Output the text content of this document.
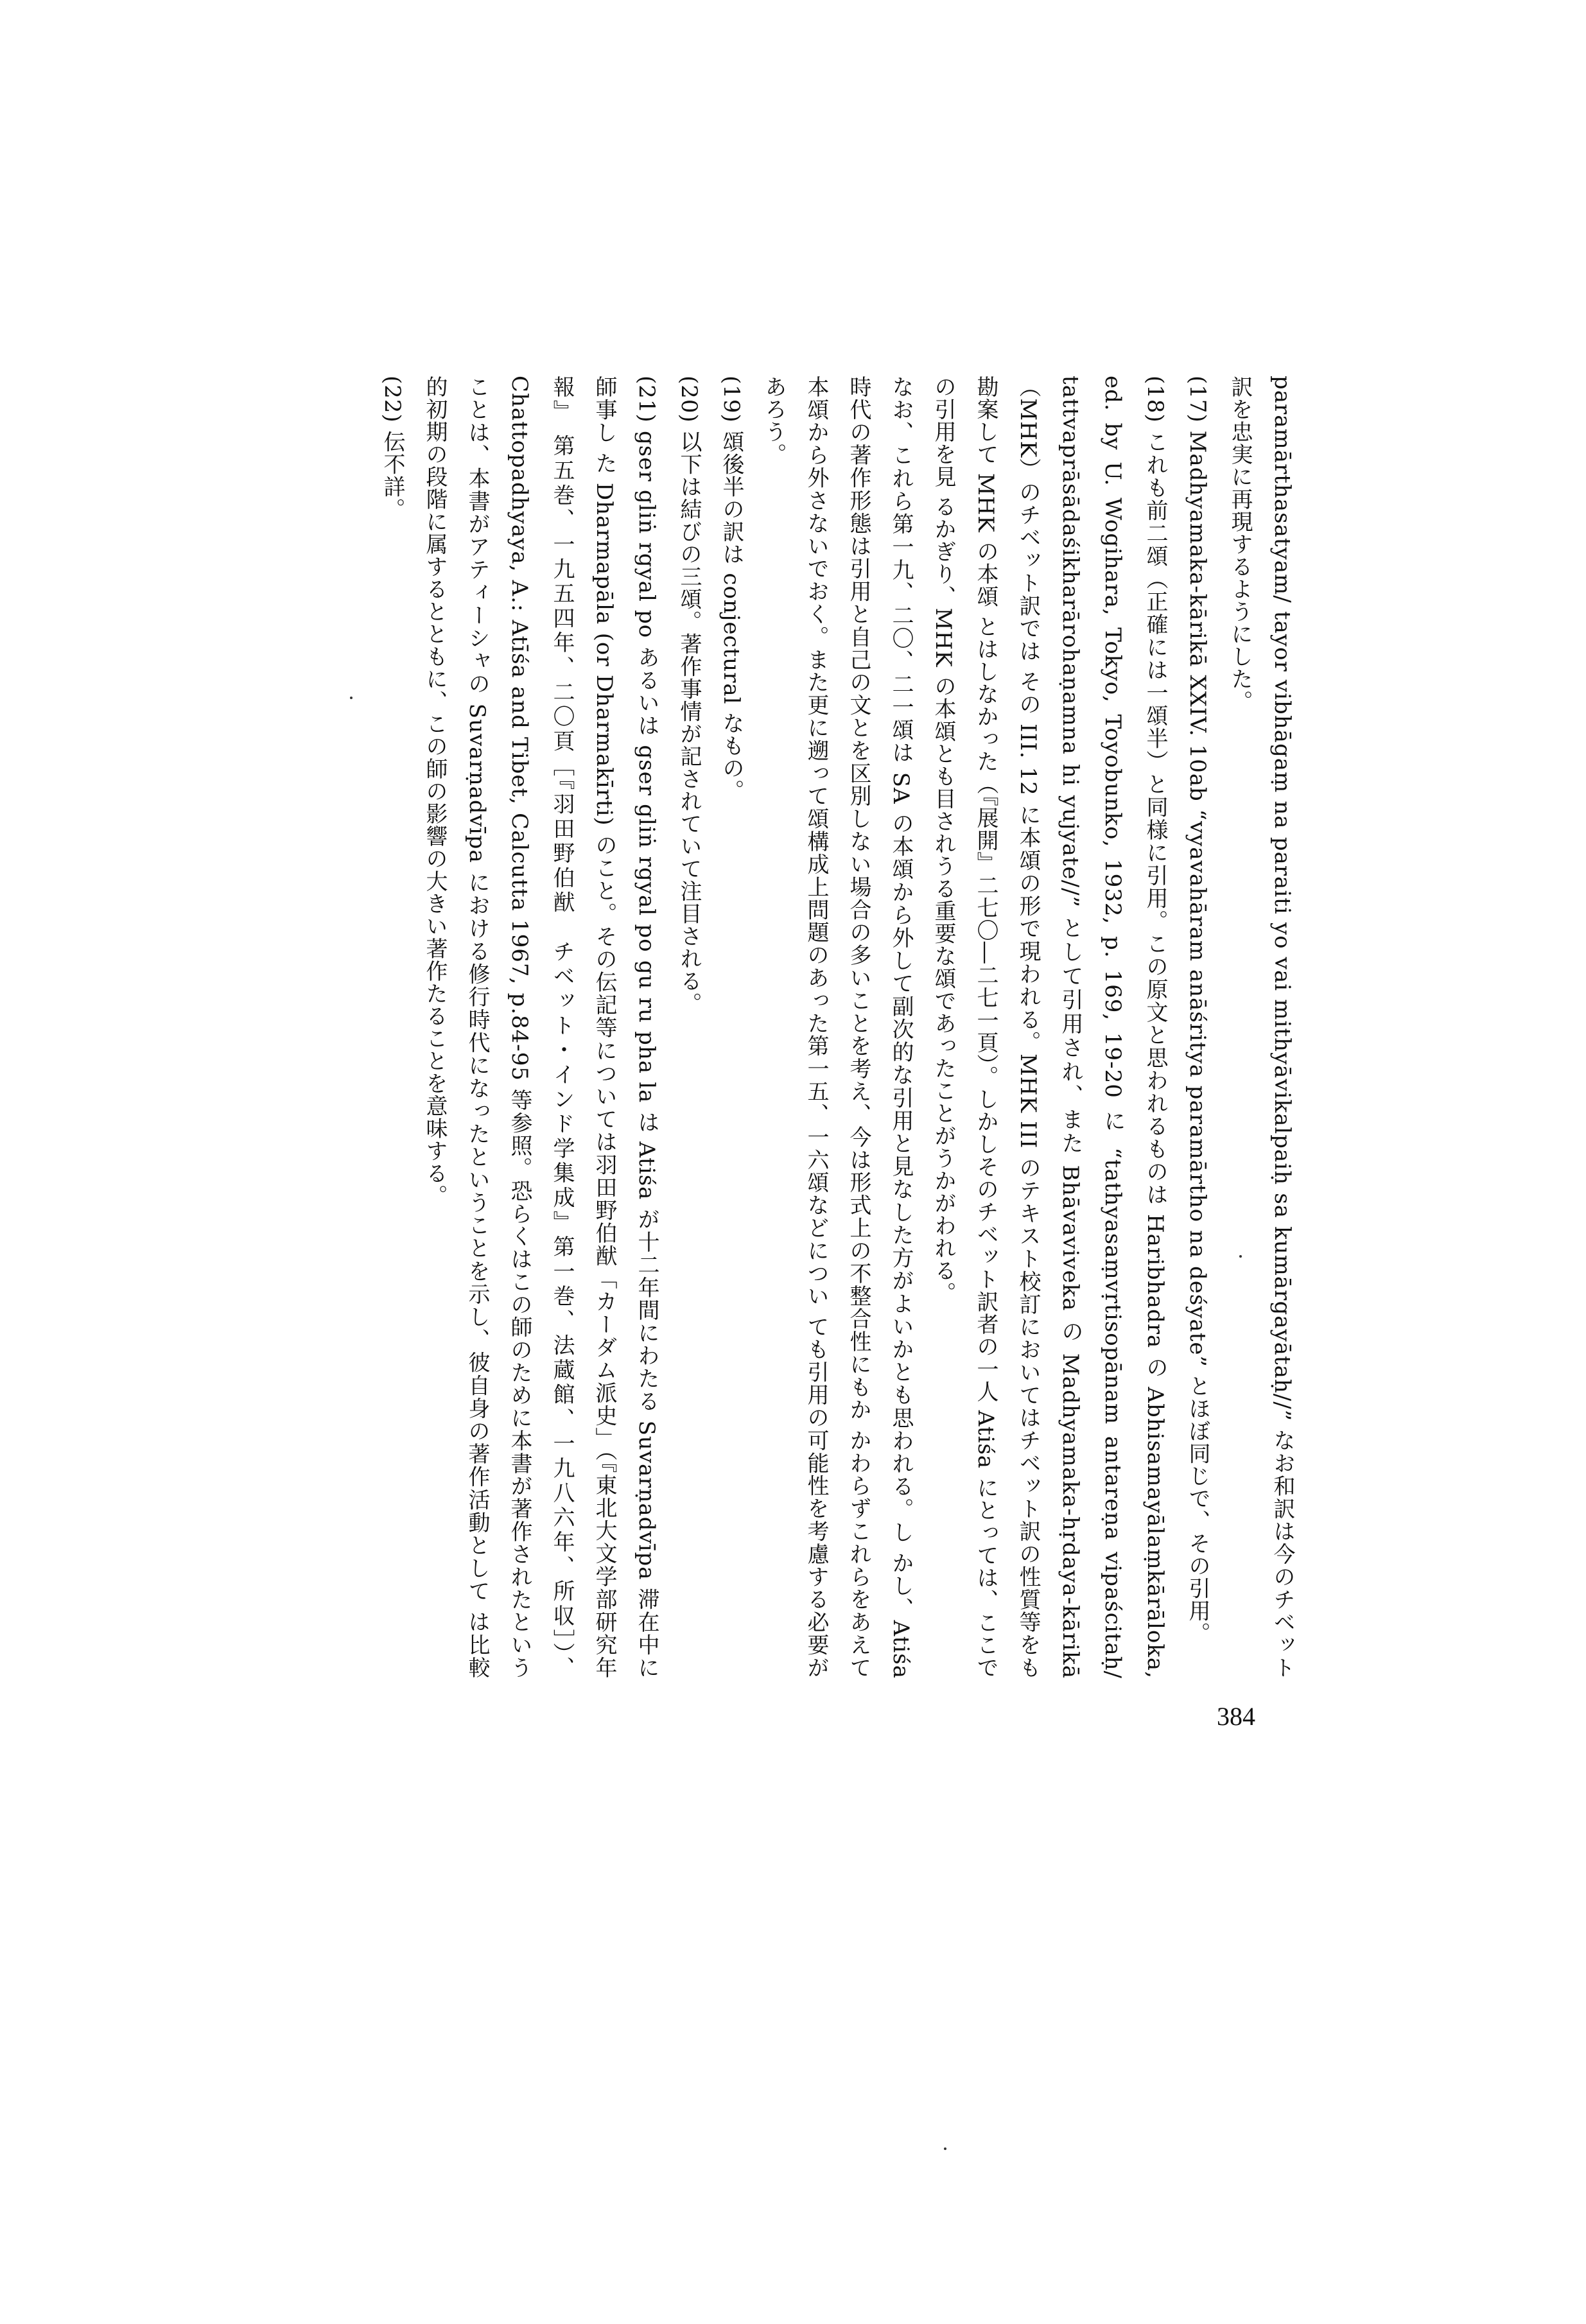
paramārthasatyam/ tayor vibhāgaṃ na paraiti yo vai mithyāvikalpaiḥ sa kumārgayātaḥ//” なお和訳は今のチベット訳を忠実に再現するようにした。

(17) Madhyamaka-kārikā XXIV. 10ab “vyavahāram anāśritya paramārtho na deśyate” とほぼ同じで、その引用。

(18) これも前二頌（正確には一頌半）と同様に引用。この原文と思われるものは Haribhadra の Abhisamayālaṃkārāloka, ed. by U. Wogihara, Tokyo, Toyobunko, 1932, p. 169, 19-20 に “tathyasaṃvṛtisopānam antareṇa vipaścitaḥ/ tattvaprāsādaśikharārohaṇamna hi yujyate//” として引用され、また Bhāvaviveka の Madhyamaka-hṛdaya-kārikā（MHK）のチベット訳では その III. 12 に本頌の形で現われる。MHK III のテキスト校訂においてはチベット訳の性質等をも勘案して MHK の本頌 とはしなかった（『展開』二七〇―二七一頁）。しかしそのチベット訳者の一人 Atiśa にとっては、ここでの引用を見 るかぎり、MHK の本頌とも目されうる重要な頌であったことがうかがわれる。

なお、これら第一九、二〇、二一頌は SA の本頌から外して副次的な引用と見なした方がよいかとも思われる。し かし、Atiśa 時代の著作形態は引用と自己の文とを区別しない場合の多いことを考え、今は形式上の不整合性にもか かわらずこれらをあえて本頌から外さないでおく。また更に遡って頌構成上問題のあった第一五、一六頌などについ ても引用の可能性を考慮する必要があろう。

(19) 頌後半の訳は conjectural なもの。

(20) 以下は結びの三頌。著作事情が記されていて注目される。

(21) gser gliṅ rgyal po あるいは gser gliṅ rgyal po gu ru pha la は Atiśa が十二年間にわたる Suvarṇadvīpa 滞在中に師事し た Dharmapāla (or Dharmakīrti) のこと。その伝記等については羽田野伯猷「カーダム派史」（『東北大文学部研究年報』 第五巻、一九五四年、二〇頁［『羽田野伯猷　チベット・インド学集成』第一巻、法蔵館、一九八六年、所収］）、 Chattopadhyaya, A.: Atīśa and Tibet, Calcutta 1967, p.84-95 等参照。恐らくはこの師のために本書が著作されたという ことは、本書がアティーシャの Suvarṇadvīpa における修行時代になったということを示し、彼自身の著作活動として は比較的初期の段階に属するとともに、この師の影響の大きい著作たることを意味する。

(22) 伝不詳。

384
